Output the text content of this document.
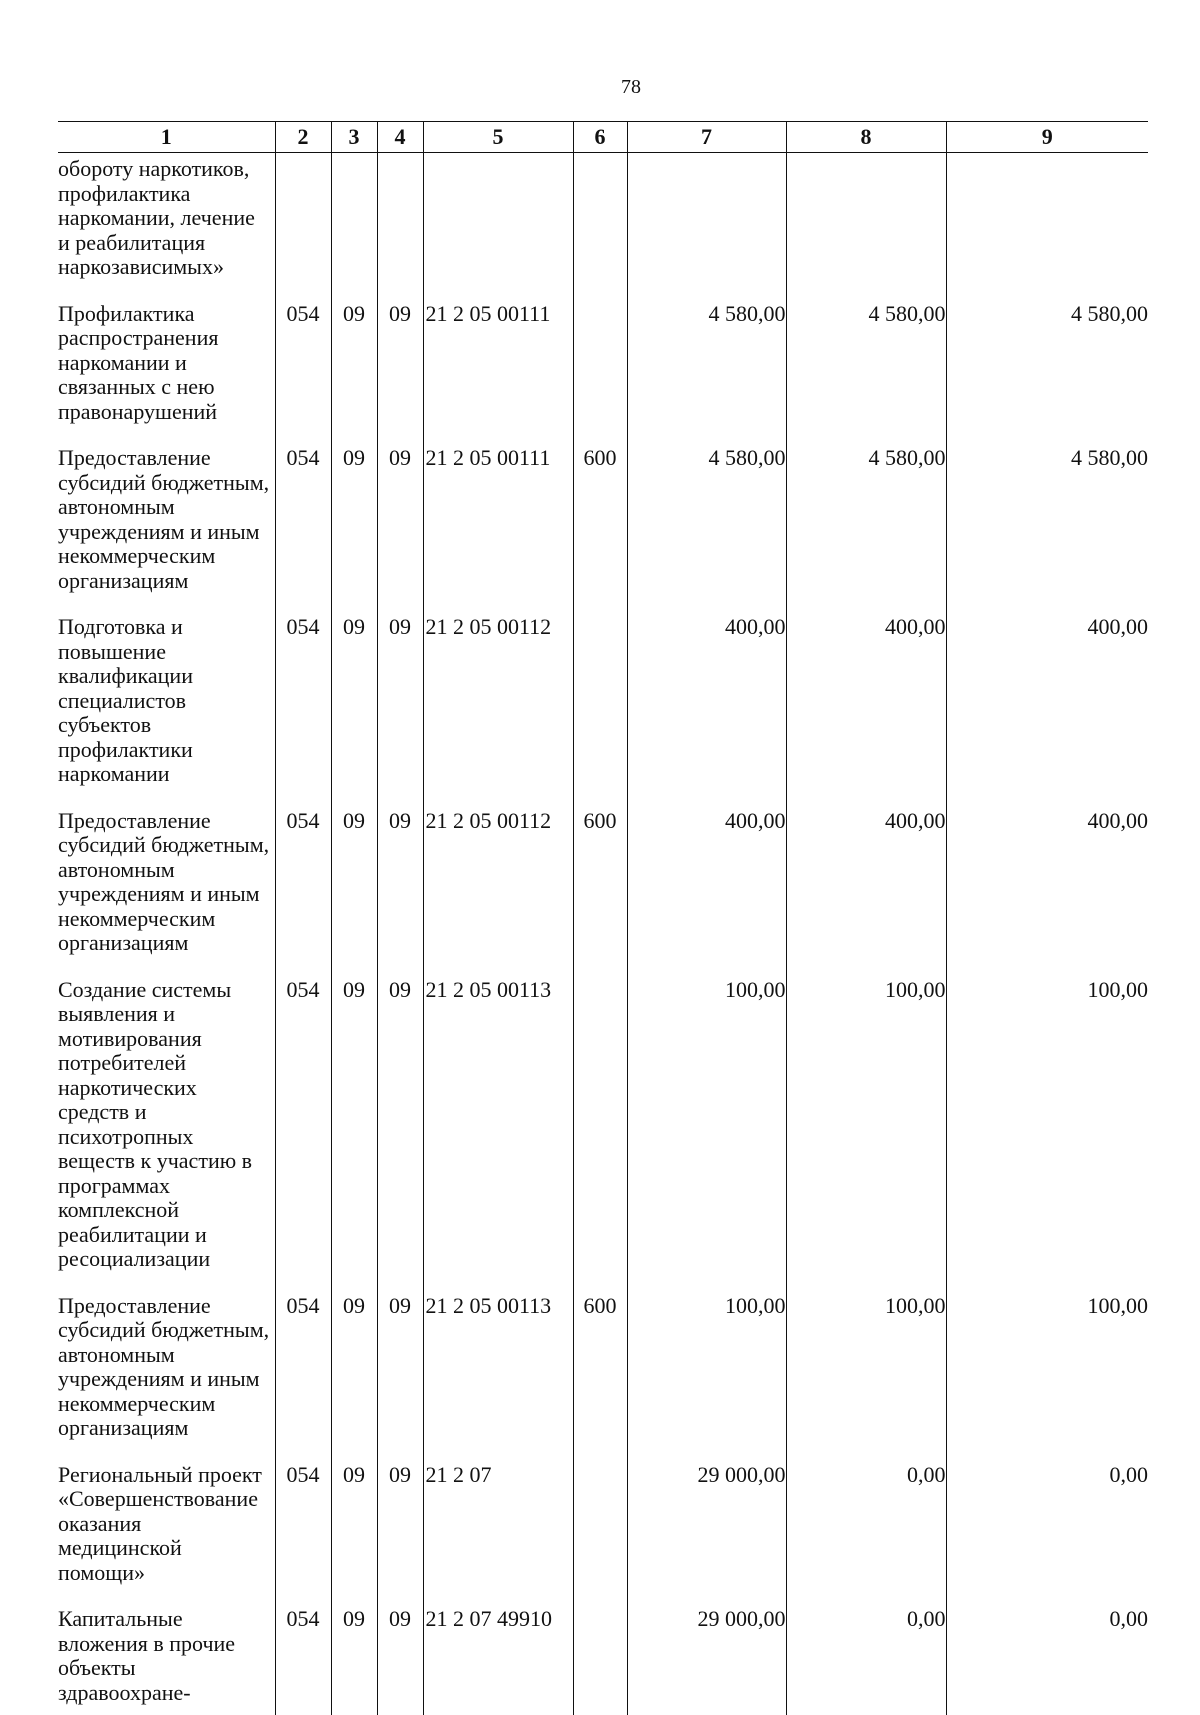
78
1	2	3	4	5	6	7	8	9

обороту наркотиков, профилактика наркомании, лечение и реабилитация наркозависимых»								

Профилактика распространения наркомании и связанных с нею правонарушений	054	09	09	21 2 05 00111		4 580,00	4 580,00	4 580,00

Предоставление субсидий бюджетным, автономным учреждениям и иным некоммерческим организациям	054	09	09	21 2 05 00111	600	4 580,00	4 580,00	4 580,00

Подготовка и повышение квалификации специалистов субъектов профилактики наркомании	054	09	09	21 2 05 00112		400,00	400,00	400,00

Предоставление субсидий бюджетным, автономным учреждениям и иным некоммерческим организациям	054	09	09	21 2 05 00112	600	400,00	400,00	400,00

Создание системы выявления и мотивирования потребителей наркотических средств и психотропных веществ к участию в программах комплексной реабилитации и ресоциализации	054	09	09	21 2 05 00113		100,00	100,00	100,00

Предоставление субсидий бюджетным, автономным учреждениям и иным некоммерческим организациям	054	09	09	21 2 05 00113	600	100,00	100,00	100,00

Региональный проект «Совершенствование оказания медицинской помощи»	054	09	09	21 2 07		29 000,00	0,00	0,00

Капитальные вложения в прочие объекты здравоохране-	054	09	09	21 2 07 49910		29 000,00	0,00	0,00
